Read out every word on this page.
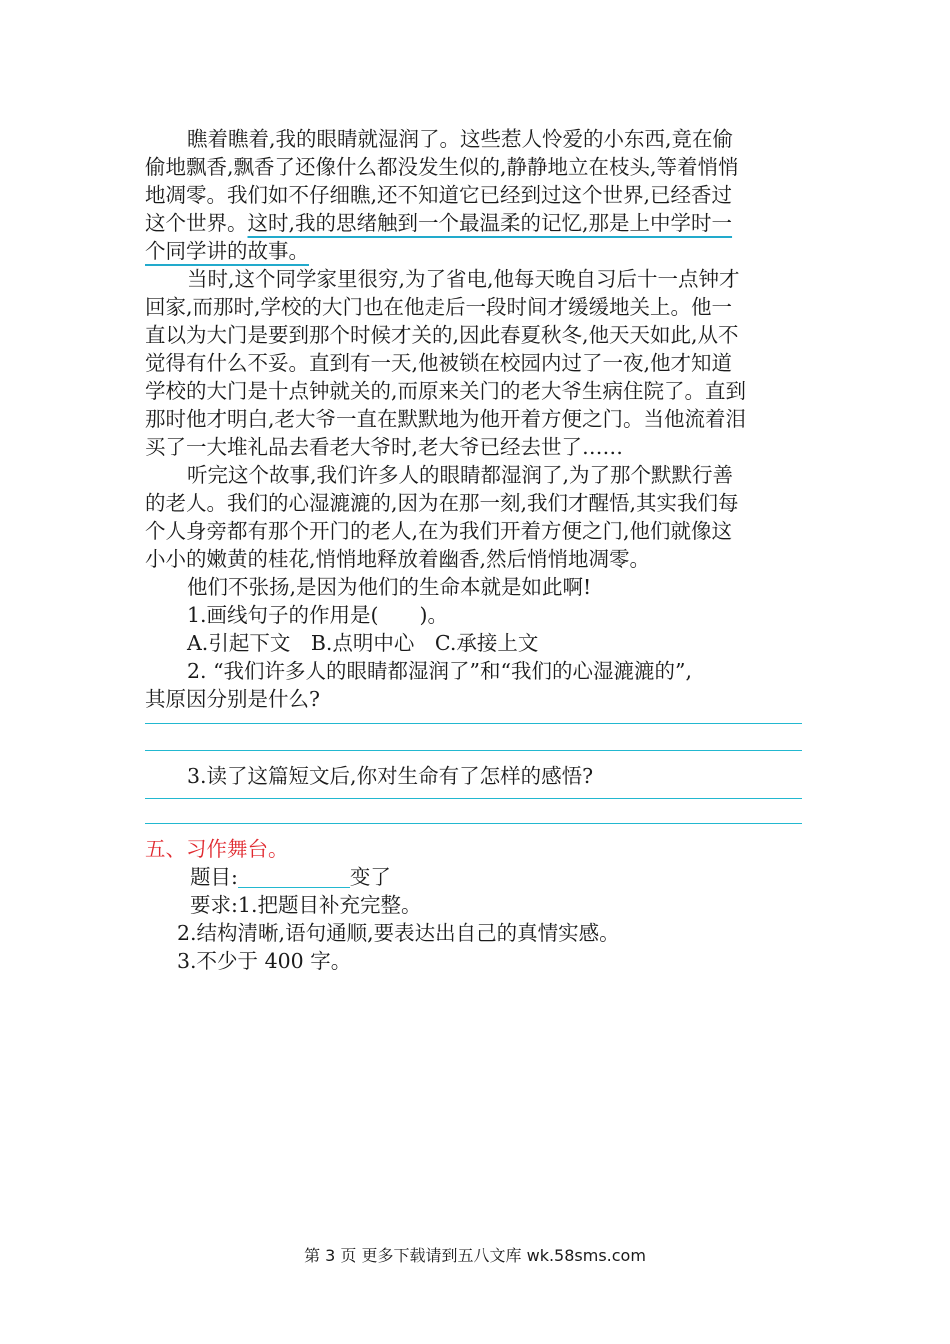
瞧着瞧着,我的眼睛就湿润了。这些惹人怜爱的小东西,竟在偷
偷地飘香,飘香了还像什么都没发生似的,静静地立在枝头,等着悄悄
地凋零。我们如不仔细瞧,还不知道它已经到过这个世界,已经香过
这个世界。这时,我的思绪触到一个最温柔的记忆,那是上中学时一
个同学讲的故事。
当时,这个同学家里很穷,为了省电,他每天晚自习后十一点钟才
回家,而那时,学校的大门也在他走后一段时间才缓缓地关上。他一
直以为大门是要到那个时候才关的,因此春夏秋冬,他天天如此,从不
觉得有什么不妥。直到有一天,他被锁在校园内过了一夜,他才知道
学校的大门是十点钟就关的,而原来关门的老大爷生病住院了。直到
那时他才明白,老大爷一直在默默地为他开着方便之门。当他流着泪
买了一大堆礼品去看老大爷时,老大爷已经去世了……
听完这个故事,我们许多人的眼睛都湿润了,为了那个默默行善
的老人。我们的心湿漉漉的,因为在那一刻,我们才醒悟,其实我们每
个人身旁都有那个开门的老人,在为我们开着方便之门,他们就像这
小小的嫩黄的桂花,悄悄地释放着幽香,然后悄悄地凋零。
他们不张扬,是因为他们的生命本就是如此啊!
1.画线句子的作用是(　　)。
A.引起下文　B.点明中心　C.承接上文
2. “我们许多人的眼睛都湿润了”和“我们的心湿漉漉的”,
其原因分别是什么?
3.读了这篇短文后,你对生命有了怎样的感悟?
五、习作舞台。
题目:	变了
要求:1.把题目补充完整。
2.结构清晰,语句通顺,要表达出自己的真情实感。
3.不少于 400 字。
第 3 页 更多下载请到五八文库 wk.58sms.com
